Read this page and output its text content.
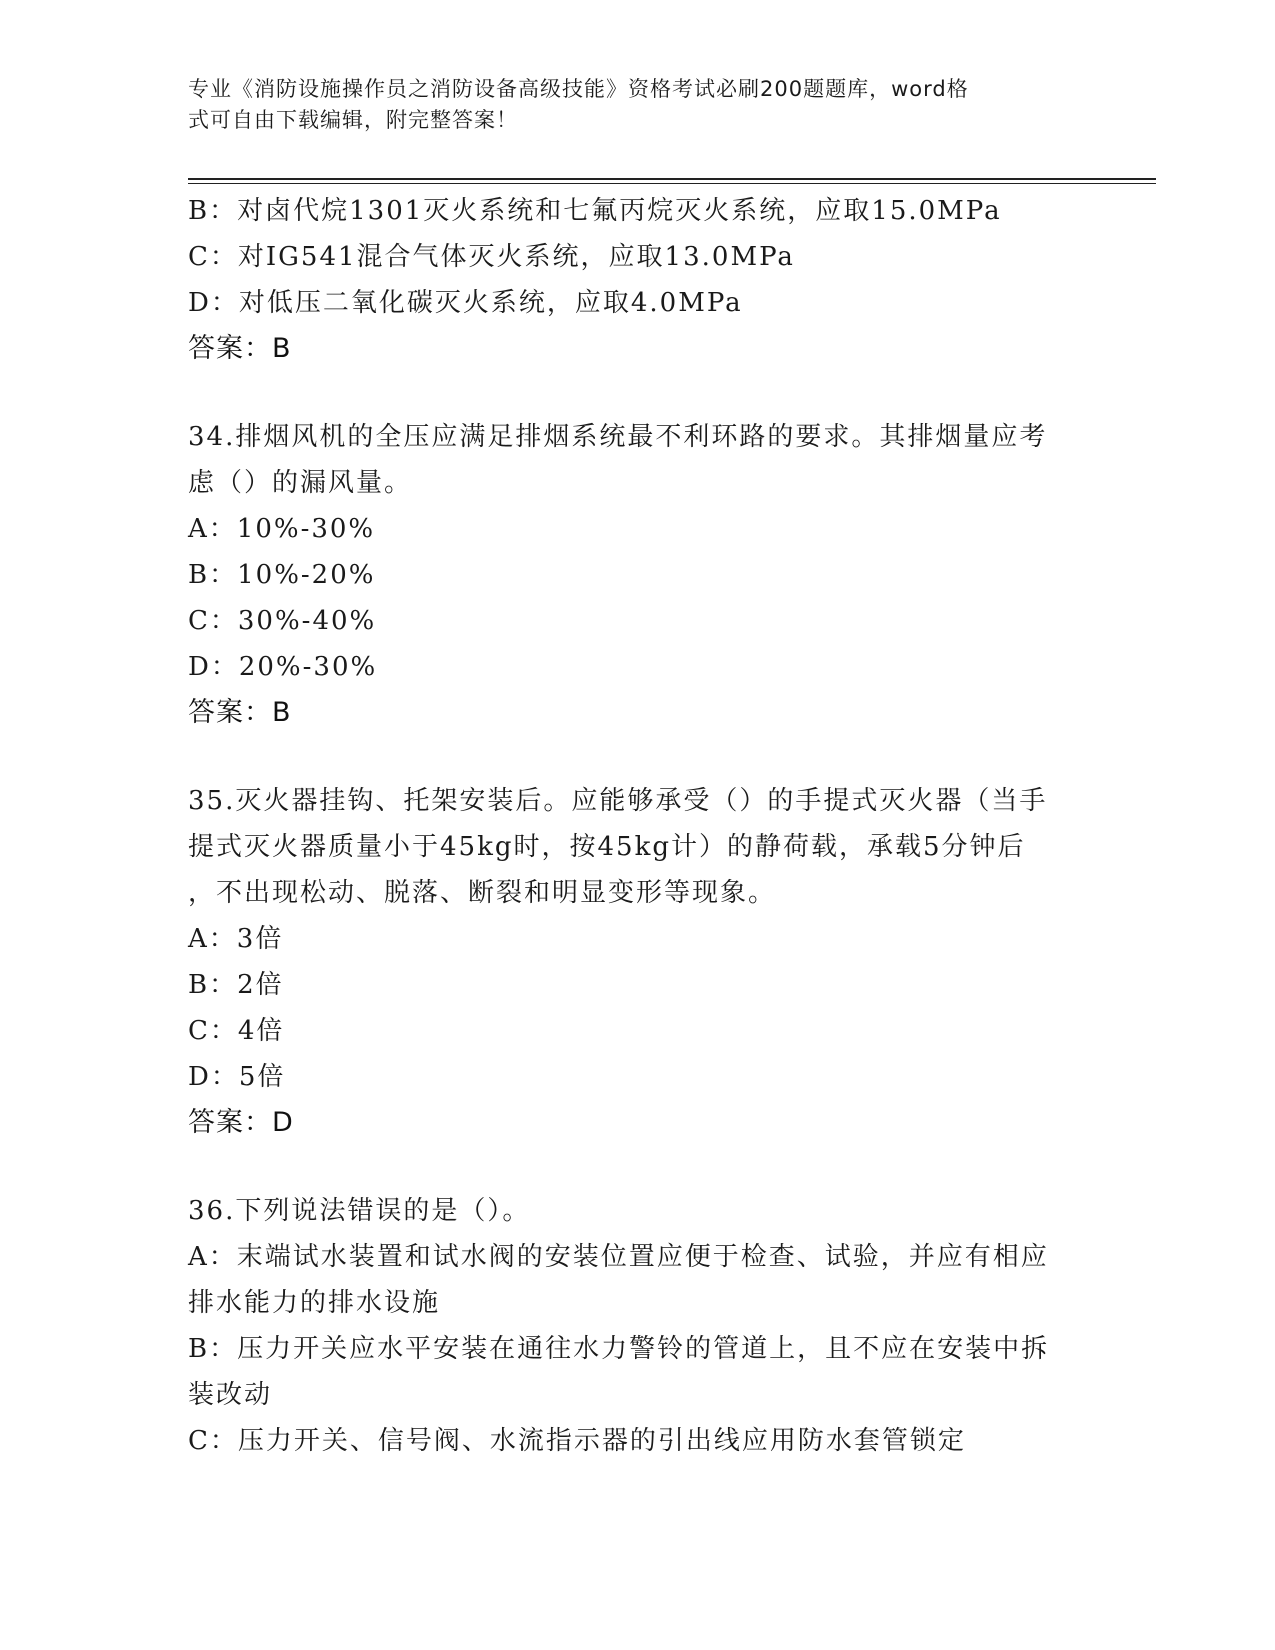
专业《消防设施操作员之消防设备高级技能》资格考试必刷200题题库，word格
式可自由下载编辑，附完整答案！
B：对卤代烷1301灭火系统和七氟丙烷灭火系统，应取15.0MPa
C：对IG541混合气体灭火系统，应取13.0MPa
D：对低压二氧化碳灭火系统，应取4.0MPa
答案：B
34.排烟风机的全压应满足排烟系统最不利环路的要求。其排烟量应考
虑（）的漏风量。
A：10%-30%
B：10%-20%
C：30%-40%
D：20%-30%
答案：B
35.灭火器挂钩、托架安装后。应能够承受（）的手提式灭火器（当手
提式灭火器质量小于45kg时，按45kg计）的静荷载，承载5分钟后
，不出现松动、脱落、断裂和明显变形等现象。
A：3倍
B：2倍
C：4倍
D：5倍
答案：D
36.下列说法错误的是（）。
A：末端试水装置和试水阀的安装位置应便于检查、试验，并应有相应
排水能力的排水设施
B：压力开关应水平安装在通往水力警铃的管道上，且不应在安装中拆
装改动
C：压力开关、信号阀、水流指示器的引出线应用防水套管锁定
